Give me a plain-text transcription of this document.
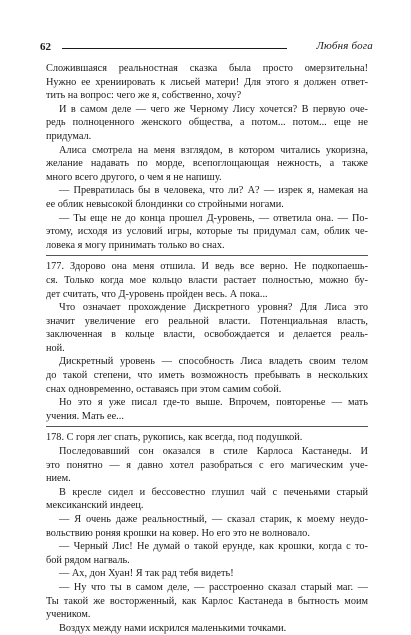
62	Любня бога
Сложившаяся реальностная сказка была просто омерзительна!
Нужно ее хрениировать к лисьей матери! Для этого я должен ответ-
тить на вопрос: чего же я, собственно, хочу?
И в самом деле — чего же Черному Лису хочется? В первую оче-
редь полноценного женского общества, а потом... потом... еще не
придумал.
Алиса смотрела на меня взглядом, в котором читались укоризна,
желание надавать по морде, всепоглощающая нежность, а также
много всего другого, о чем я не напишу.
— Превратилась бы в человека, что ли? А? — изрек я, намекая на
ее облик невысокой блондинки со стройными ногами.
— Ты еще не до конца прошел Д-уровень, — ответила она. — По-
этому, исходя из условий игры, которые ты придумал сам, облик че-
ловека я могу принимать только во снах.
177. Здорово она меня отшила. И ведь все верно. Не подкопаешь-
ся. Только когда мое кольцо власти растает полностью, можно бу-
дет считать, что Д-уровень пройден весь. А пока...
Что означает прохождение Дискретного уровня? Для Лиса это
значит увеличение его реальной власти. Потенциальная власть,
заключенная в кольце власти, освобождается и делается реаль-
ной.
Дискретный уровень — способность Лиса владеть своим телом
до такой степени, что иметь возможность пребывать в нескольких
снах одновременно, оставаясь при этом самим собой.
Но это я уже писал где-то выше. Впрочем, повторенье — мать
учения. Мать ее...
178. С горя лег спать, рукопись, как всегда, под подушкой.
Последовавший сон оказался в стиле Карлоса Кастанеды. И
это понятно — я давно хотел разобраться с его магическим уче-
нием.
В кресле сидел и бессовестно глушил чай с печеньями старый
мексиканский индеец.
— Я очень даже реальностный, — сказал старик, к моему неудо-
вольствию роняя крошки на ковер. Но его это не волновало.
— Черный Лис! Не думай о такой ерунде, как крошки, когда с то-
бой рядом нагваль.
— Ах, дон Хуан! Я так рад тебя видеть!
— Ну что ты в самом деле, — расстроенно сказал старый маг. —
Ты такой же восторженный, как Карлос Кастанеда в бытность моим
учеником.
Воздух между нами искрился маленькими точками.
